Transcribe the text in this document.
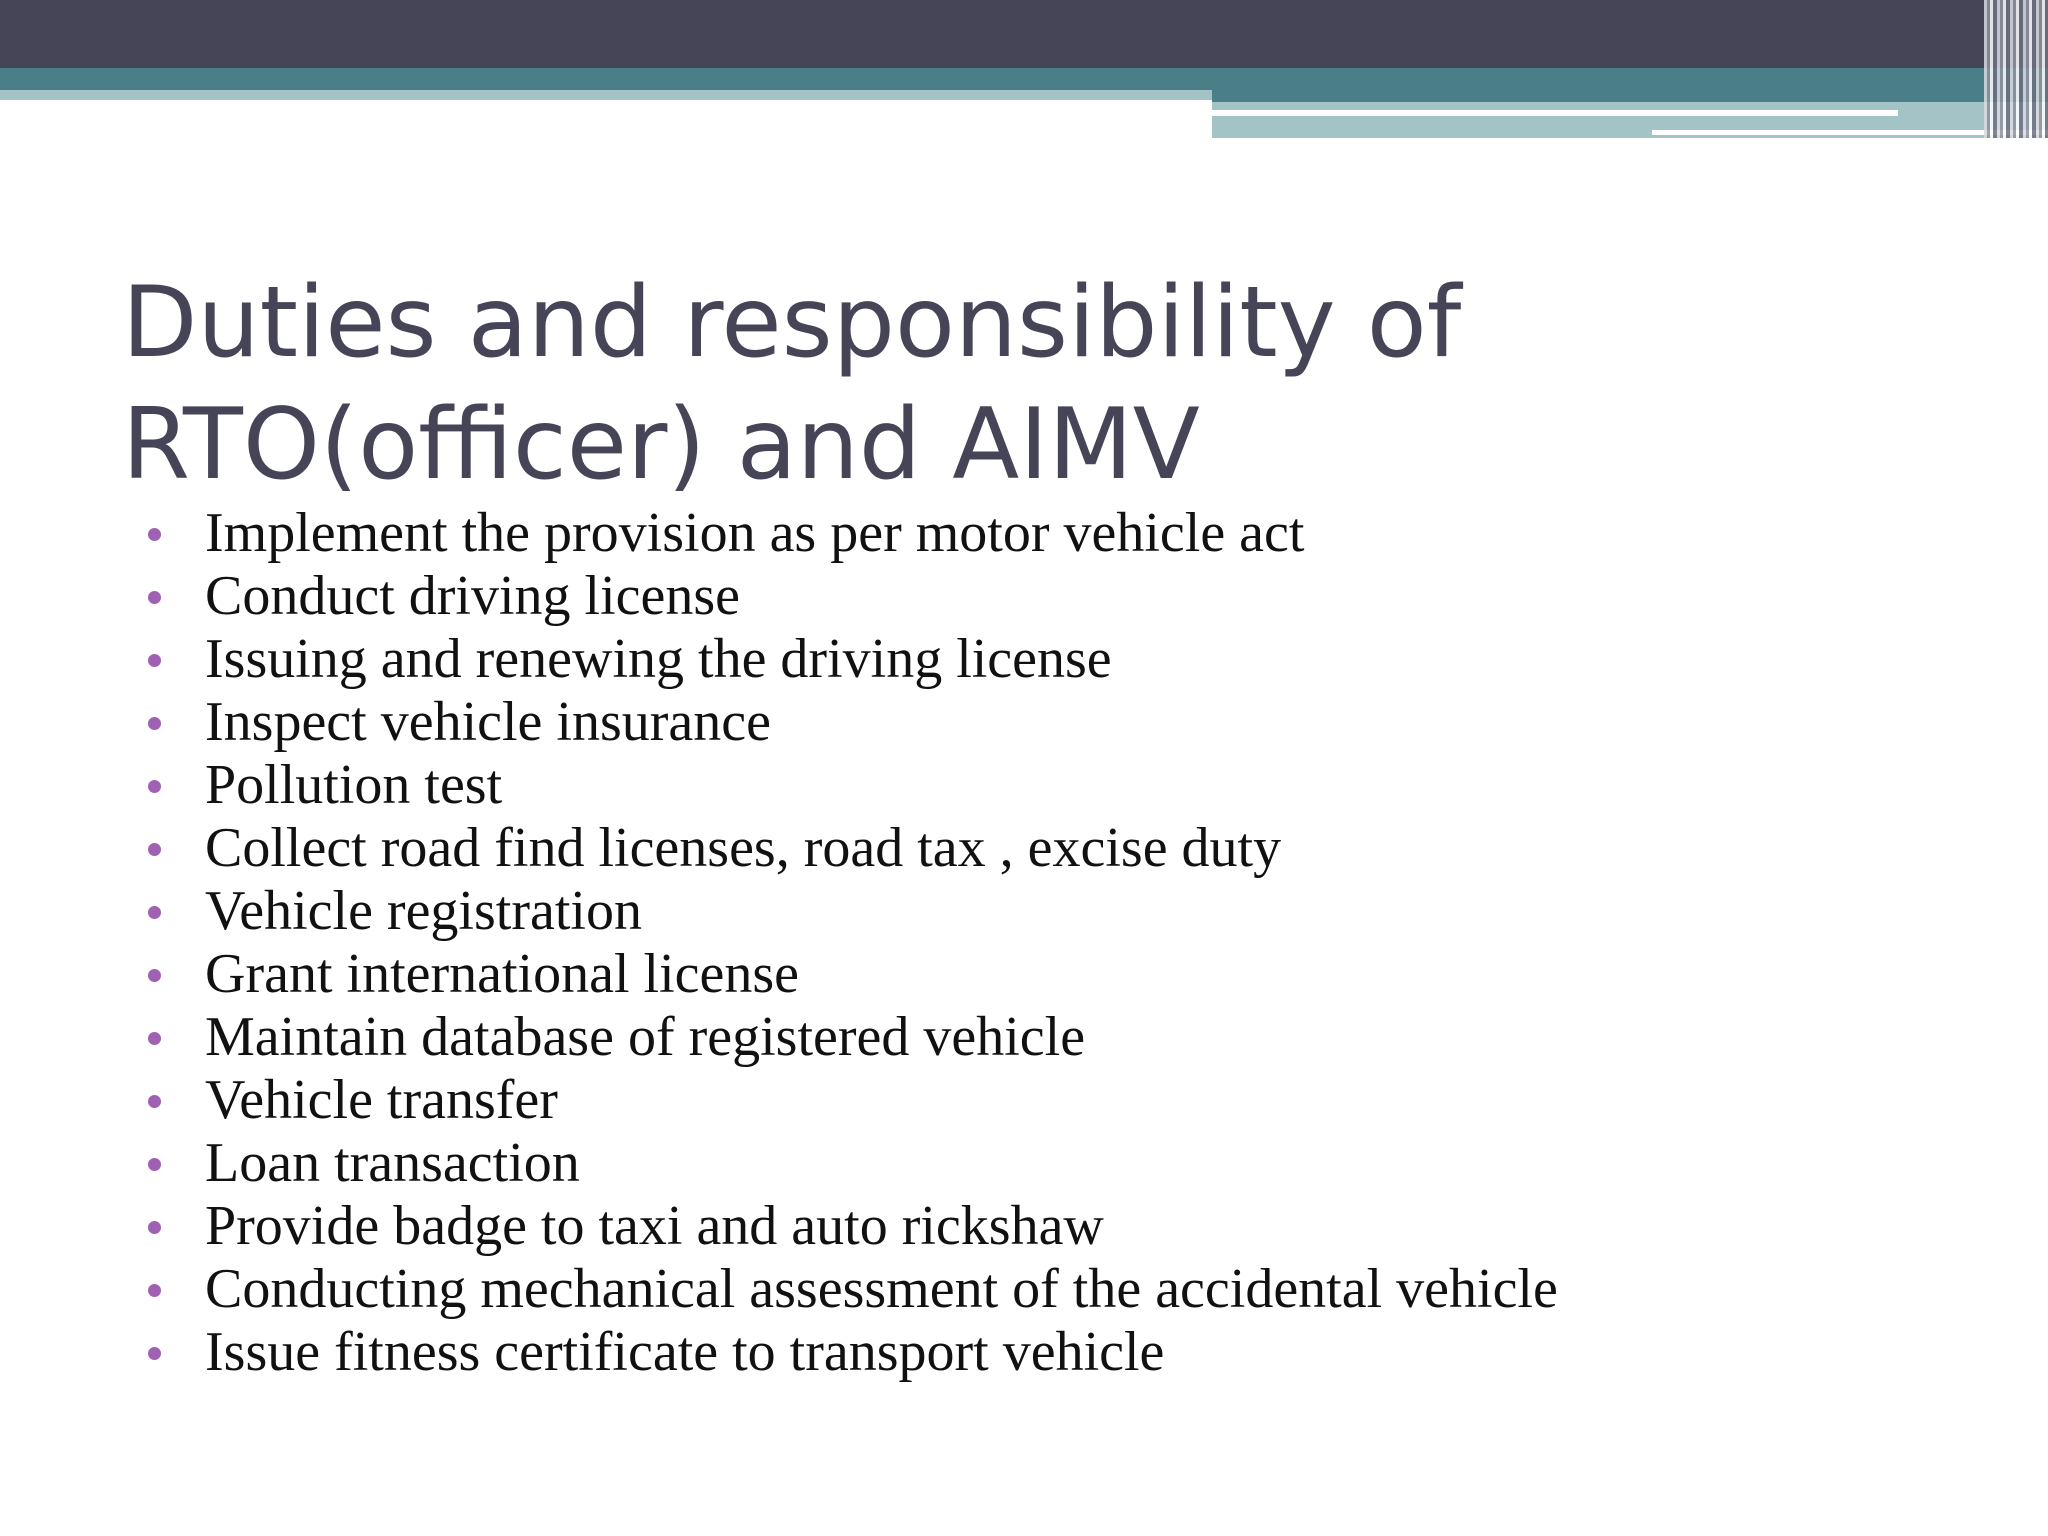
Duties and responsibility of
RTO(officer) and AIMV
Implement the provision as per motor vehicle act
Conduct driving license
Issuing and renewing the driving license
Inspect vehicle insurance
Pollution test
Collect road find licenses, road tax , excise duty
Vehicle registration
Grant international license
Maintain database of registered vehicle
Vehicle transfer
Loan transaction
Provide badge to taxi and auto rickshaw
Conducting mechanical assessment of the accidental vehicle
Issue fitness certificate to transport vehicle
